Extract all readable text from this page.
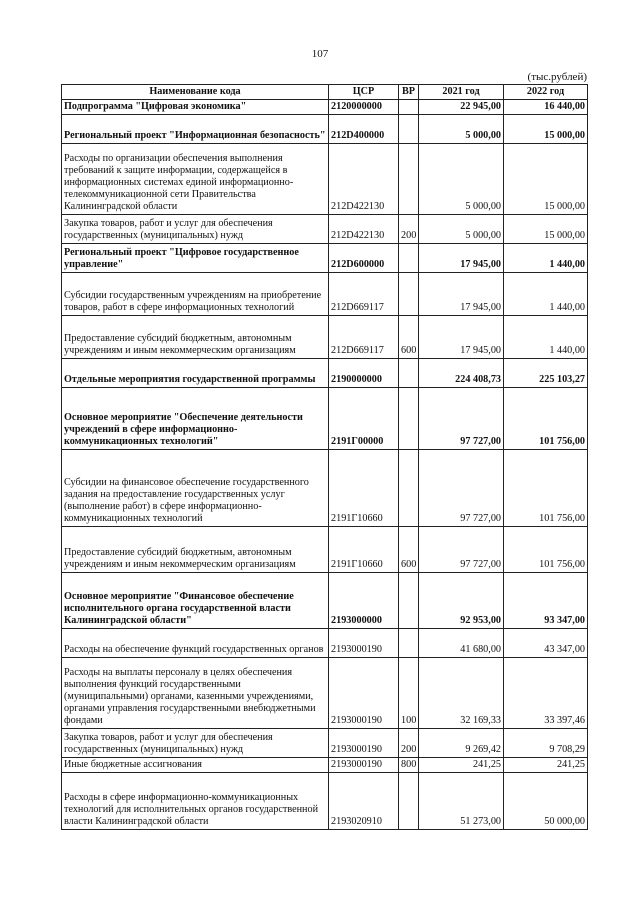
107
(тыс.рублей)
Наименование кода	ЦСР	ВР	2021 год	2022 год
Подпрограмма "Цифровая экономика"	2120000000		22 945,00	16 440,00
Региональный проект "Информационная безопасность"	212D400000		5 000,00	15 000,00
Расходы по организации обеспечения выполнения требований к защите информации, содержащейся в информационных системах единой информационно-телекоммуникационной сети Правительства Калининградской области	212D422130		5 000,00	15 000,00
Закупка товаров, работ и услуг для обеспечения государственных (муниципальных) нужд	212D422130	200	5 000,00	15 000,00
Региональный проект "Цифровое государственное управление"	212D600000		17 945,00	1 440,00
Субсидии государственным учреждениям на приобретение товаров, работ в сфере информационных технологий	212D669117		17 945,00	1 440,00
Предоставление субсидий бюджетным, автономным учреждениям и иным некоммерческим организациям	212D669117	600	17 945,00	1 440,00
Отдельные мероприятия государственной программы	2190000000		224 408,73	225 103,27
Основное мероприятие "Обеспечение деятельности учреждений в сфере информационно-коммуникационных технологий"	2191Г00000		97 727,00	101 756,00
Субсидии на финансовое обеспечение государственного задания на предоставление государственных услуг (выполнение работ) в сфере информационно-коммуникационных технологий	2191Г10660		97 727,00	101 756,00
Предоставление субсидий бюджетным, автономным учреждениям и иным некоммерческим организациям	2191Г10660	600	97 727,00	101 756,00
Основное мероприятие "Финансовое обеспечение исполнительного органа государственной власти Калининградской области"	2193000000		92 953,00	93 347,00
Расходы на обеспечение функций государственных органов	2193000190		41 680,00	43 347,00
Расходы на выплаты персоналу в целях обеспечения выполнения функций государственными (муниципальными) органами, казенными учреждениями, органами управления государственными внебюджетными фондами	2193000190	100	32 169,33	33 397,46
Закупка товаров, работ и услуг для обеспечения государственных (муниципальных) нужд	2193000190	200	9 269,42	9 708,29
Иные бюджетные ассигнования	2193000190	800	241,25	241,25
Расходы в сфере информационно-коммуникационных технологий для исполнительных органов государственной власти Калининградской области	2193020910		51 273,00	50 000,00
